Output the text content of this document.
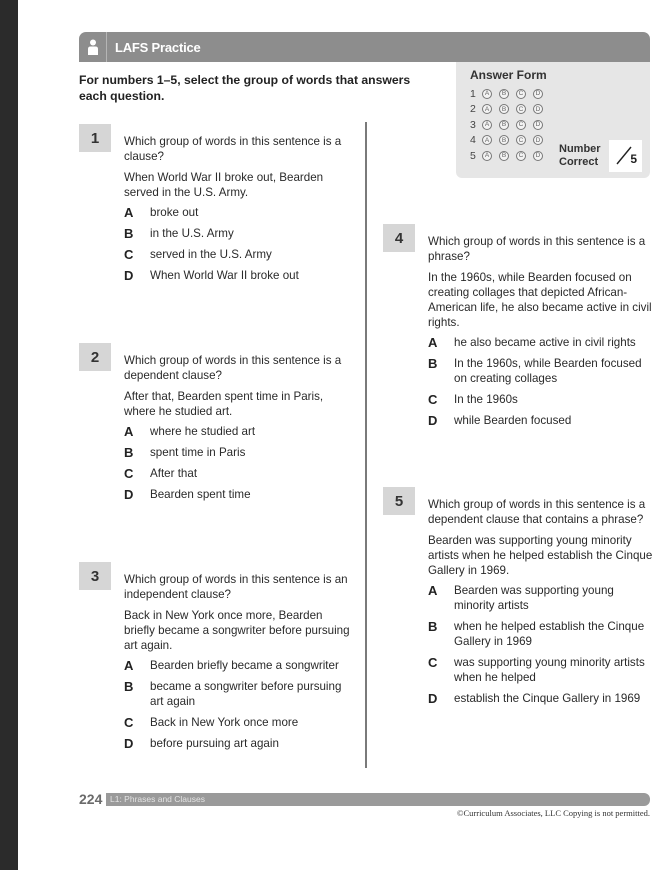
LAFS Practice
For numbers 1–5, select the group of words that answers each question.
Answer Form
1	A	B	C	D
2	A	B	C	D
3	A	B	C	D
4	A	B	C	D
5	A	B	C	D
Number
Correct	5
1	Which group of words in this sentence is a clause?
When World War II broke out, Bearden served in the U.S. Army.
A	broke out
B	in the U.S. Army
C	served in the U.S. Army
D	When World War II broke out
2	Which group of words in this sentence is a dependent clause?
After that, Bearden spent time in Paris, where he studied art.
A	where he studied art
B	spent time in Paris
C	After that
D	Bearden spent time
3	Which group of words in this sentence is an independent clause?
Back in New York once more, Bearden briefly became a songwriter before pursuing art again.
A	Bearden briefly became a songwriter
B	became a songwriter before pursuing art again
C	Back in New York once more
D	before pursuing art again
4	Which group of words in this sentence is a phrase?
In the 1960s, while Bearden focused on creating collages that depicted African-American life, he also became active in civil rights.
A	he also became active in civil rights
B	In the 1960s, while Bearden focused on creating collages
C	In the 1960s
D	while Bearden focused
5	Which group of words in this sentence is a dependent clause that contains a phrase?
Bearden was supporting young minority artists when he helped establish the Cinque Gallery in 1969.
A	Bearden was supporting young minority artists
B	when he helped establish the Cinque Gallery in 1969
C	was supporting young minority artists when he helped
D	establish the Cinque Gallery in 1969
224 L1: Phrases and Clauses
©Curriculum Associates, LLC Copying is not permitted.
